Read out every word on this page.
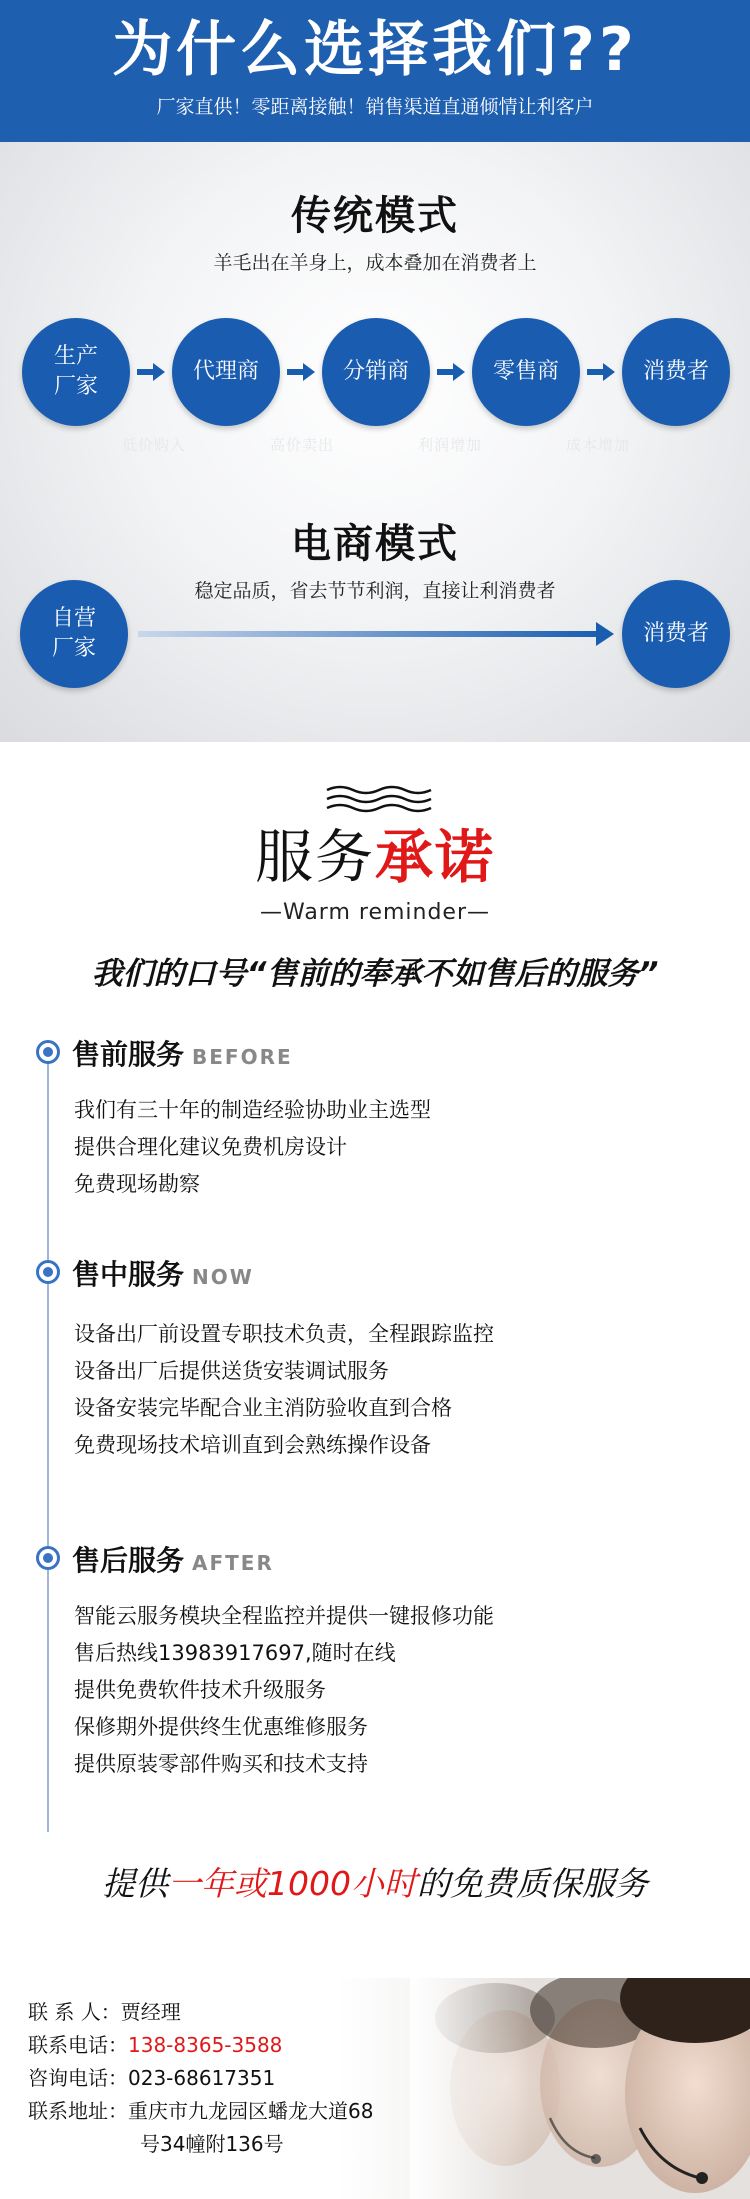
为什么选择我们??
厂家直供！零距离接触！销售渠道直通倾情让利客户
传统模式
羊毛出在羊身上，成本叠加在消费者上
生产
厂家
代理商	分销商	零售商	消费者
低价购入	高价卖出	利润增加	成本增加
电商模式
稳定品质，省去节节利润，直接让利消费者
自营
厂家
消费者
服务承诺
—Warm reminder—
我们的口号“售前的奉承不如售后的服务”
售前服务 BEFORE
我们有三十年的制造经验协助业主选型
提供合理化建议免费机房设计
免费现场勘察
售中服务 NOW
设备出厂前设置专职技术负责，全程跟踪监控
设备出厂后提供送货安装调试服务
设备安装完毕配合业主消防验收直到合格
免费现场技术培训直到会熟练操作设备
售后服务 AFTER
智能云服务模块全程监控并提供一键报修功能
售后热线13983917697,随时在线
提供免费软件技术升级服务
保修期外提供终生优惠维修服务
提供原装零部件购买和技术支持
提供一年或1000小时的免费质保服务
联 系 人：贾经理
联系电话：138-8365-3588
咨询电话：023-68617351
联系地址：重庆市九龙园区蟠龙大道68
号34幢附136号
